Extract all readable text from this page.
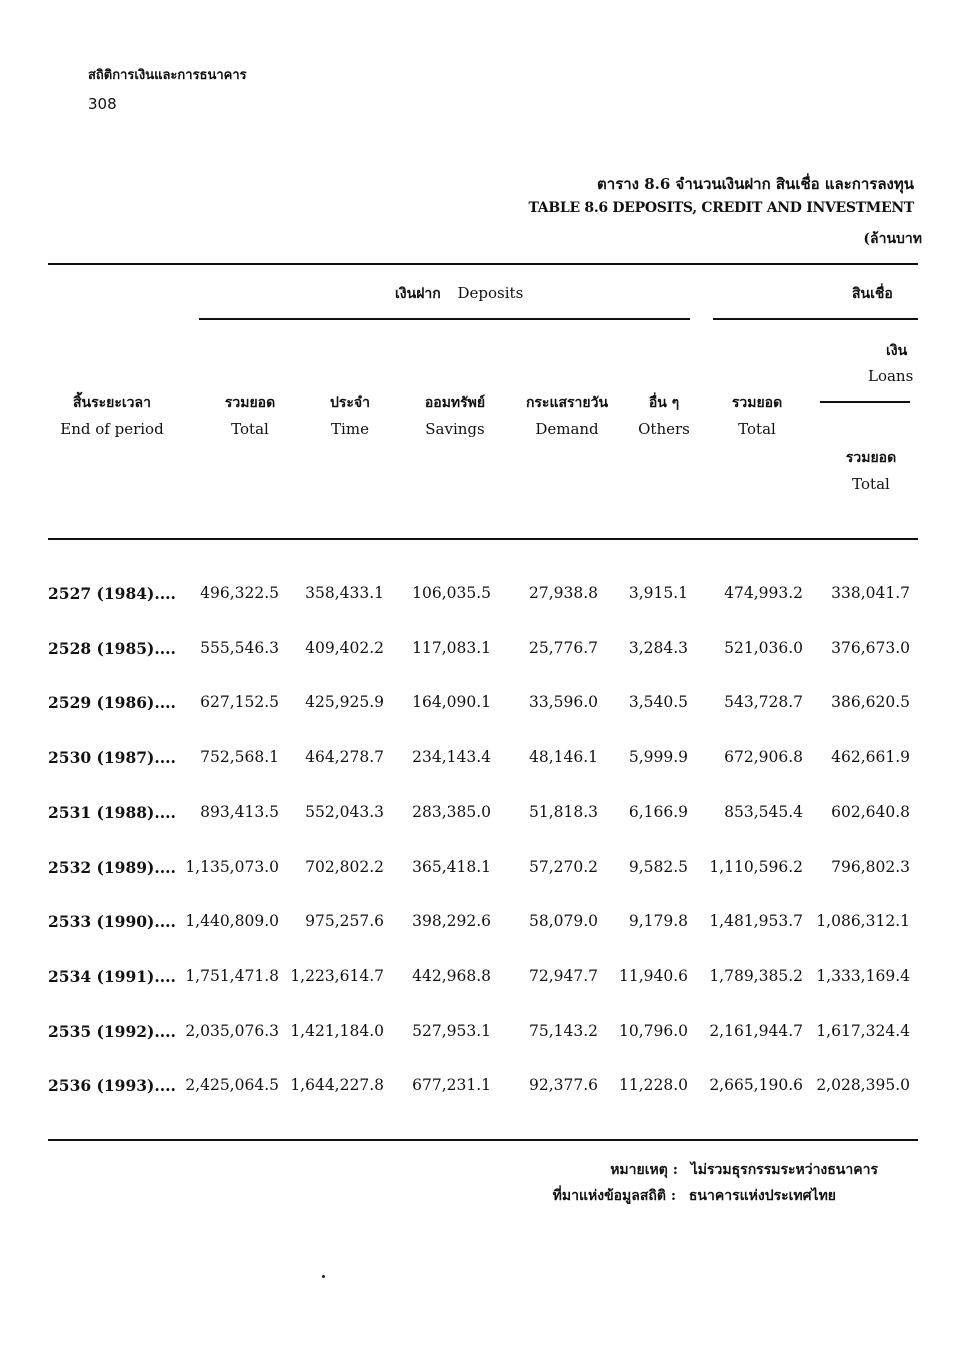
สถิติการเงินและการธนาคาร
308
ตาราง 8.6 จำนวนเงินฝาก สินเชื่อ และการลงทุน
TABLE 8.6 DEPOSITS, CREDIT AND INVESTMENT
(ล้านบาท
เงินฝาก Deposits	สินเชื่อ
เงิน
Loans
สิ้นระยะเวลา
End of period
รวมยอด
Total
ประจำ
Time
ออมทรัพย์
Savings
กระแสรายวัน
Demand
อื่น ๆ
Others
รวมยอด
Total
รวมยอด
Total
2527 (1984).... 496,322.5 358,433.1 106,035.5 27,938.8 3,915.1 474,993.2 338,041.7
2528 (1985).... 555,546.3 409,402.2 117,083.1 25,776.7 3,284.3 521,036.0 376,673.0
2529 (1986).... 627,152.5 425,925.9 164,090.1 33,596.0 3,540.5 543,728.7 386,620.5
2530 (1987).... 752,568.1 464,278.7 234,143.4 48,146.1 5,999.9 672,906.8 462,661.9
2531 (1988).... 893,413.5 552,043.3 283,385.0 51,818.3 6,166.9 853,545.4 602,640.8
2532 (1989).... 1,135,073.0 702,802.2 365,418.1 57,270.2 9,582.5 1,110,596.2 796,802.3
2533 (1990).... 1,440,809.0 975,257.6 398,292.6 58,079.0 9,179.8 1,481,953.7 1,086,312.1
2534 (1991).... 1,751,471.8 1,223,614.7 442,968.8 72,947.7 11,940.6 1,789,385.2 1,333,169.4
2535 (1992).... 2,035,076.3 1,421,184.0 527,953.1 75,143.2 10,796.0 2,161,944.7 1,617,324.4
2536 (1993).... 2,425,064.5 1,644,227.8 677,231.1 92,377.6 11,228.0 2,665,190.6 2,028,395.0
หมายเหตุ : ไม่รวมธุรกรรมระหว่างธนาคาร
ที่มาแห่งข้อมูลสถิติ : ธนาคารแห่งประเทศไทย
